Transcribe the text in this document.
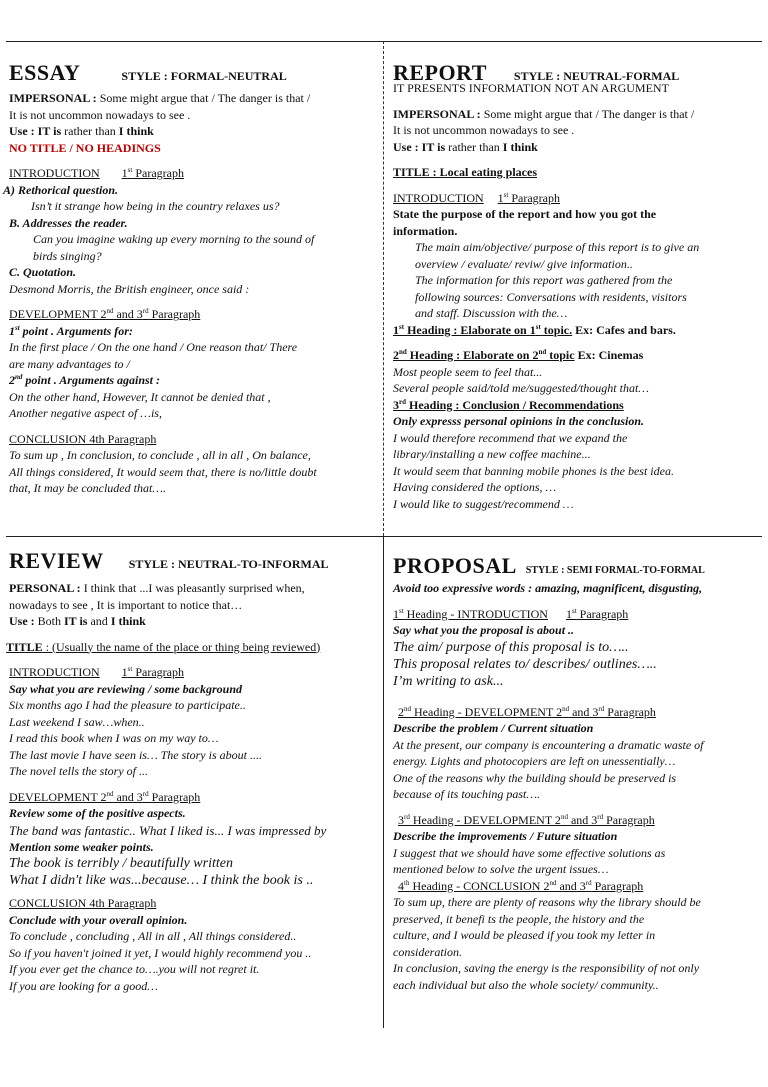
ESSAY	STYLE : FORMAL-NEUTRAL
IMPERSONAL : Some might argue that / The danger is that /
It is not uncommon nowadays to see .
Use : IT is rather than I think
NO TITLE / NO HEADINGS
INTRODUCTION 1st Paragraph
A) Rethorical question.
Isn’t it strange how being in the country relaxes us?
B. Addresses the reader.
Can you imagine waking up every morning to the sound of
birds singing?
C. Quotation.
Desmond Morris, the British engineer, once said :
DEVELOPMENT 2nd and 3rd Paragraph
1st point . Arguments for:
In the first place / On the one hand / One reason that/ There
are many advantages to /
2nd point . Arguments against :
On the other hand, However, It cannot be denied that ,
Another negative aspect of …is,
CONCLUSION 4th Paragraph
To sum up , In conclusion, to conclude , all in all , On balance,
All things considered, It would seem that, there is no/little doubt
that, It may be concluded that….
REPORT STYLE : NEUTRAL-FORMAL
IT PRESENTS INFORMATION NOT AN ARGUMENT
IMPERSONAL : Some might argue that / The danger is that /
It is not uncommon nowadays to see .
Use : IT is rather than I think
TITLE : Local eating places
INTRODUCTION 1st Paragraph
State the purpose of the report and how you got the
information.
The main aim/objective/ purpose of this report is to give an
overview / evaluate/ reviw/ give information..
The information for this report was gathered from the
following sources: Conversations with residents, visitors
and staff. Discussion with the…
1st Heading : Elaborate on 1st topic. Ex: Cafes and bars.
2nd Heading : Elaborate on 2nd topic Ex: Cinemas
Most people seem to feel that...
Several people said/told me/suggested/thought that…
3rd Heading : Conclusion / Recommendations
Only expresss personal opinions in the conclusion.
I would therefore recommend that we expand the
library/installing a new coffee machine...
It would seem that banning mobile phones is the best idea.
Having considered the options, …
I would like to suggest/recommend …
REVIEW STYLE : NEUTRAL-TO-INFORMAL
PERSONAL : I think that ...I was pleasantly surprised when,
nowadays to see , It is important to notice that…
Use : Both IT is and I think
TITLE : (Usually the name of the place or thing being reviewed)
INTRODUCTION 1st Paragraph
Say what you are reviewing / some background
Six months ago I had the pleasure to participate..
Last weekend I saw…when..
I read this book when I was on my way to…
The last movie I have seen is… The story is about ....
The novel tells the story of ...
DEVELOPMENT 2nd and 3rd Paragraph
Review some of the positive aspects.
The band was fantastic.. What I liked is... I was impressed by
Mention some weaker points.
The book is terribly / beautifully written
What I didn't like was...because… I think the book is ..
CONCLUSION 4th Paragraph
Conclude with your overall opinion.
To conclude , concluding , All in all , All things considered..
So if you haven't joined it yet, I would highly recommend you ..
If you ever get the chance to….you will not regret it.
If you are looking for a good…
PROPOSAL STYLE : SEMI FORMAL-TO-FORMAL
Avoid too expressive words : amazing, magnificent, disgusting,
1st Heading - INTRODUCTION 1st Paragraph
Say what you the proposal is about ..
The aim/ purpose of this proposal is to…..
This proposal relates to/ describes/ outlines…..
I’m writing to ask...
2nd Heading - DEVELOPMENT 2nd and 3rd Paragraph
Describe the problem / Current situation
At the present, our company is encountering a dramatic waste of
energy. Lights and photocopiers are left on unessentially…
One of the reasons why the building should be preserved is
because of its touching past….
3rd Heading - DEVELOPMENT 2nd and 3rd Paragraph
Describe the improvements / Future situation
I suggest that we should have some effective solutions as
mentioned below to solve the urgent issues…
4th Heading - CONCLUSION 2nd and 3rd Paragraph
To sum up, there are plenty of reasons why the library should be
preserved, it benefi ts the people, the history and the
culture, and I would be pleased if you took my letter in
consideration.
In conclusion, saving the energy is the responsibility of not only
each individual but also the whole society/ community..
